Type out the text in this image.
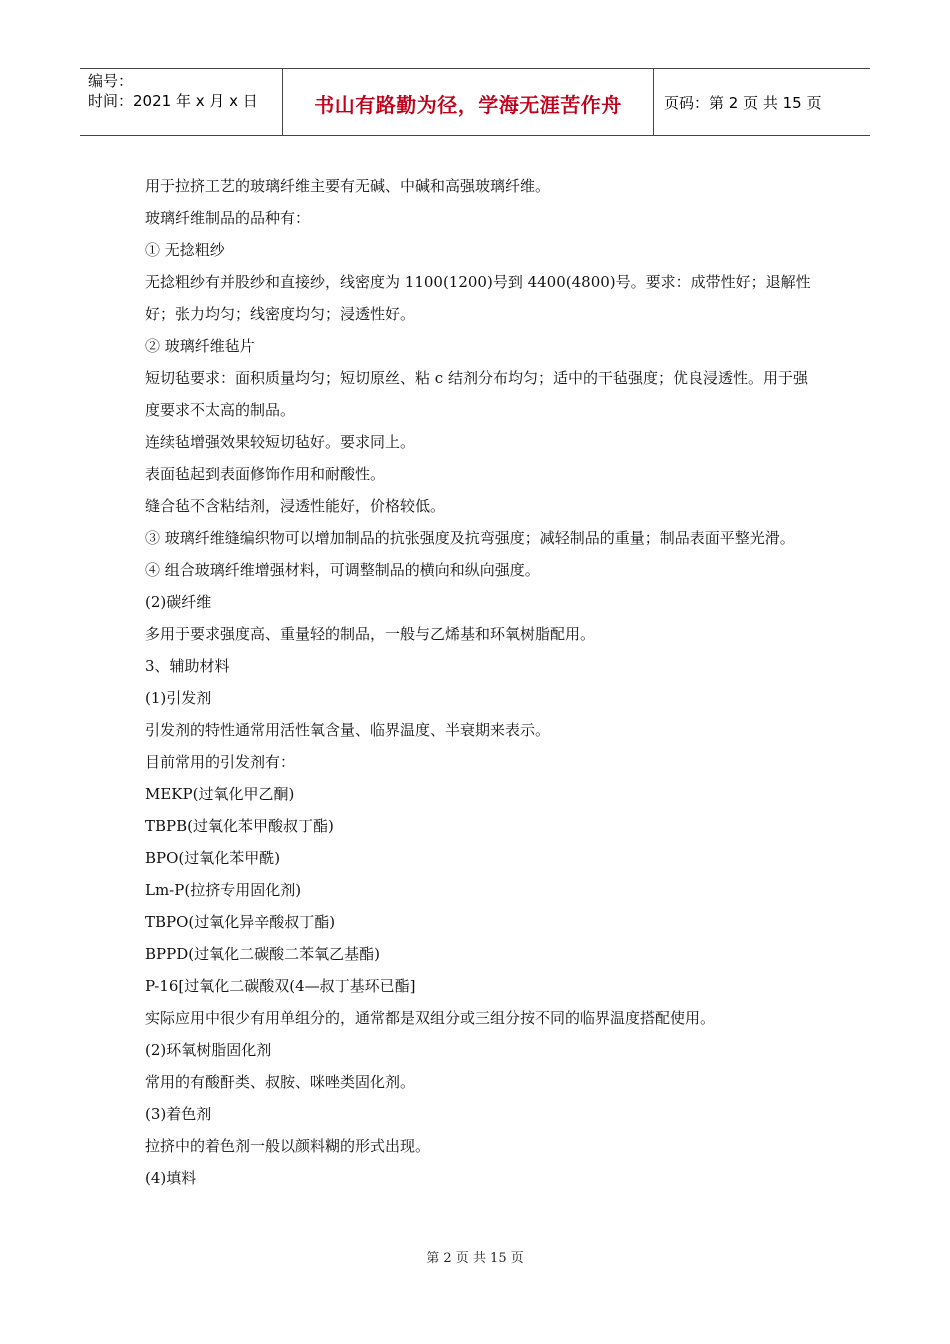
编号：
时间：2021 年 x 月 x 日	书山有路勤为径，学海无涯苦作舟	页码：第 2 页 共 15 页

用于拉挤工艺的玻璃纤维主要有无碱、中碱和高强玻璃纤维。

玻璃纤维制品的品种有：

① 无捻粗纱

无捻粗纱有并股纱和直接纱，线密度为 1100(1200)号到 4400(4800)号。要求：成带性好；退解性好；张力均匀；线密度均匀；浸透性好。

② 玻璃纤维毡片

短切毡要求：面积质量均匀；短切原丝、粘 c 结剂分布均匀；适中的干毡强度；优良浸透性。用于强度要求不太高的制品。

连续毡增强效果较短切毡好。要求同上。

表面毡起到表面修饰作用和耐酸性。

缝合毡不含粘结剂，浸透性能好，价格较低。

③ 玻璃纤维缝编织物可以增加制品的抗张强度及抗弯强度；减轻制品的重量；制品表面平整光滑。

④ 组合玻璃纤维增强材料，可调整制品的横向和纵向强度。

(2)碳纤维

多用于要求强度高、重量轻的制品，一般与乙烯基和环氧树脂配用。

3、辅助材料

(1)引发剂

引发剂的特性通常用活性氧含量、临界温度、半衰期来表示。

目前常用的引发剂有：

MEKP(过氧化甲乙酮)

TBPB(过氧化苯甲酸叔丁酯)

BPO(过氧化苯甲酰)

Lm-P(拉挤专用固化剂)

TBPO(过氧化异辛酸叔丁酯)

BPPD(过氧化二碳酸二苯氧乙基酯)

P-16[过氧化二碳酸双(4—叔丁基环已酯]

实际应用中很少有用单组分的，通常都是双组分或三组分按不同的临界温度搭配使用。

(2)环氧树脂固化剂

常用的有酸酐类、叔胺、咪唑类固化剂。

(3)着色剂

拉挤中的着色剂一般以颜料糊的形式出现。

(4)填料

第 2 页 共 15 页
